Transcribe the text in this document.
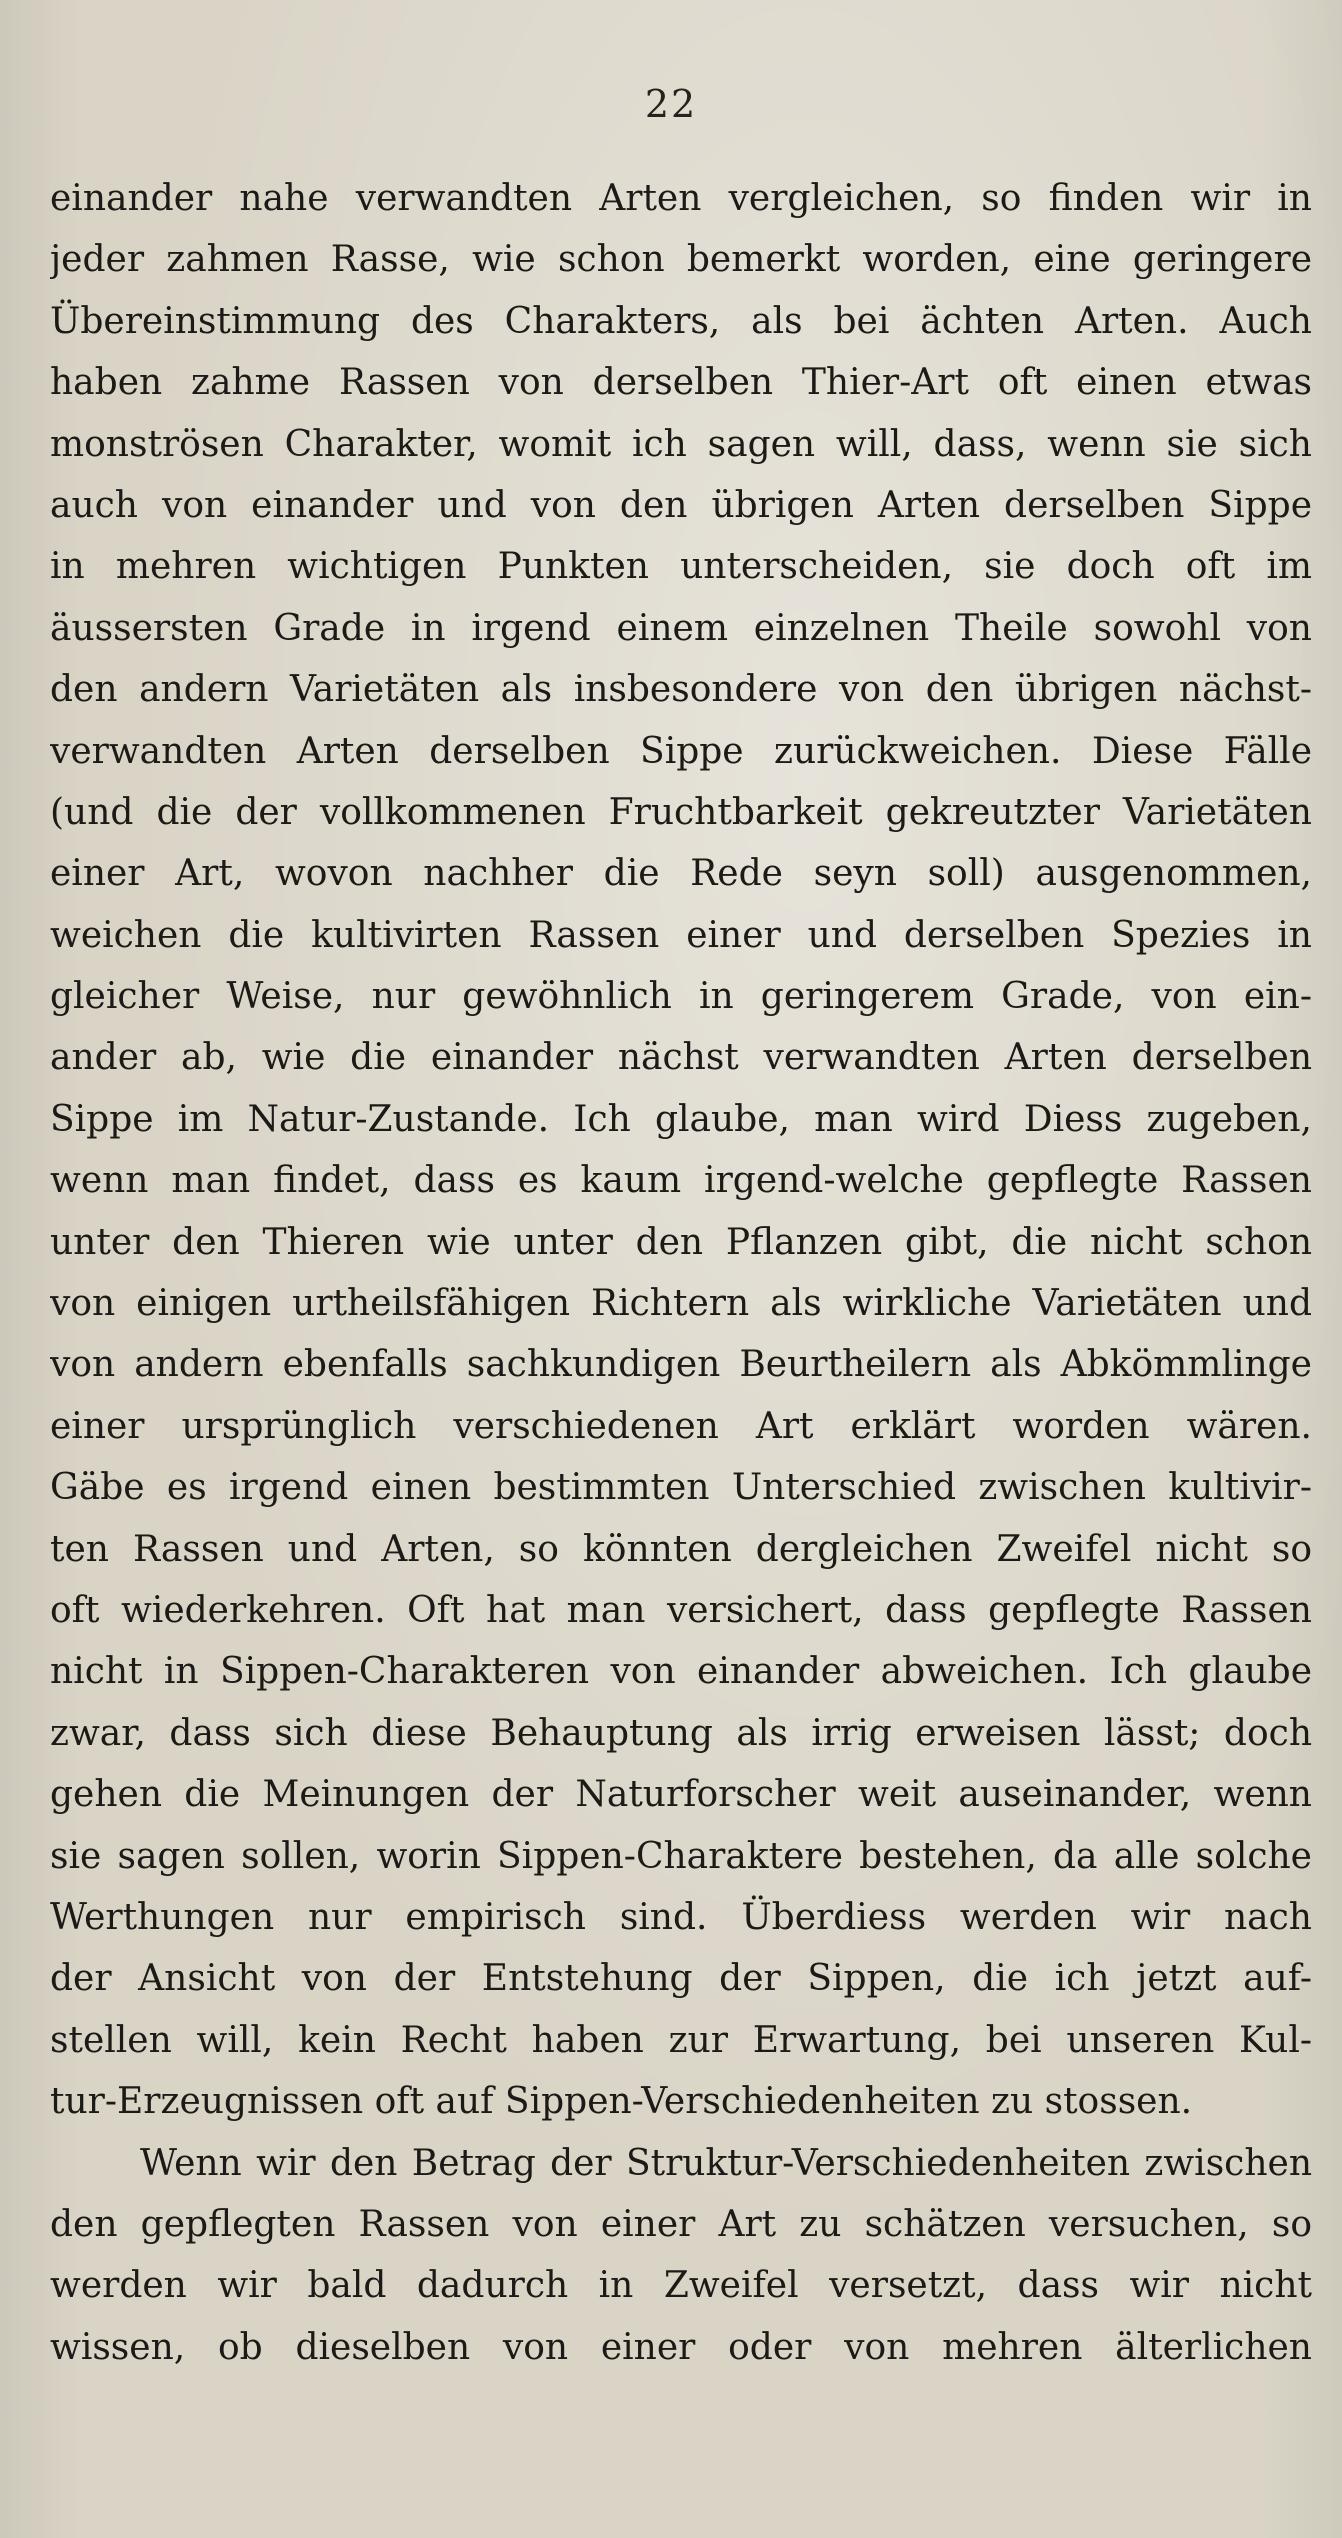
22
einander nahe verwandten Arten vergleichen, so finden wir in
jeder zahmen Rasse, wie schon bemerkt worden, eine geringere
Übereinstimmung des Charakters, als bei ächten Arten. Auch
haben zahme Rassen von derselben Thier-Art oft einen etwas
monströsen Charakter, womit ich sagen will, dass, wenn sie sich
auch von einander und von den übrigen Arten derselben Sippe
in mehren wichtigen Punkten unterscheiden, sie doch oft im
äussersten Grade in irgend einem einzelnen Theile sowohl von
den andern Varietäten als insbesondere von den übrigen nächst-
verwandten Arten derselben Sippe zurückweichen. Diese Fälle
(und die der vollkommenen Fruchtbarkeit gekreutzter Varietäten
einer Art, wovon nachher die Rede seyn soll) ausgenommen,
weichen die kultivirten Rassen einer und derselben Spezies in
gleicher Weise, nur gewöhnlich in geringerem Grade, von ein-
ander ab, wie die einander nächst verwandten Arten derselben
Sippe im Natur-Zustande. Ich glaube, man wird Diess zugeben,
wenn man findet, dass es kaum irgend-welche gepflegte Rassen
unter den Thieren wie unter den Pflanzen gibt, die nicht schon
von einigen urtheilsfähigen Richtern als wirkliche Varietäten und
von andern ebenfalls sachkundigen Beurtheilern als Abkömmlinge
einer ursprünglich verschiedenen Art erklärt worden wären.
Gäbe es irgend einen bestimmten Unterschied zwischen kultivir-
ten Rassen und Arten, so könnten dergleichen Zweifel nicht so
oft wiederkehren. Oft hat man versichert, dass gepflegte Rassen
nicht in Sippen-Charakteren von einander abweichen. Ich glaube
zwar, dass sich diese Behauptung als irrig erweisen lässt; doch
gehen die Meinungen der Naturforscher weit auseinander, wenn
sie sagen sollen, worin Sippen-Charaktere bestehen, da alle solche
Werthungen nur empirisch sind. Überdiess werden wir nach
der Ansicht von der Entstehung der Sippen, die ich jetzt auf-
stellen will, kein Recht haben zur Erwartung, bei unseren Kul-
tur-Erzeugnissen oft auf Sippen-Verschiedenheiten zu stossen.
Wenn wir den Betrag der Struktur-Verschiedenheiten zwischen
den gepflegten Rassen von einer Art zu schätzen versuchen, so
werden wir bald dadurch in Zweifel versetzt, dass wir nicht
wissen, ob dieselben von einer oder von mehren älterlichen
